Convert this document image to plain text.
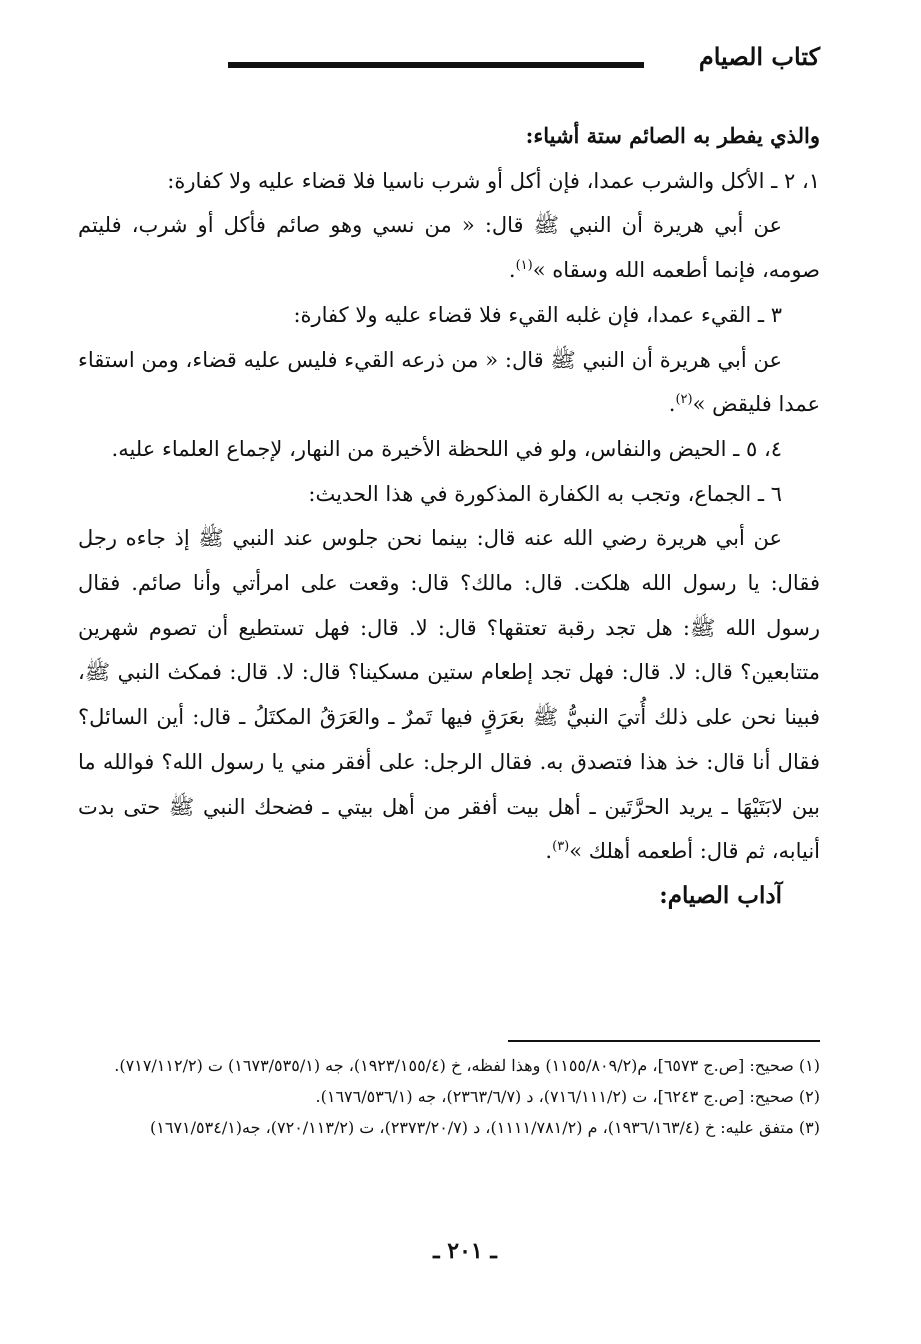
كتاب الصيام

والذي يفطر به الصائم ستة أشياء:

١، ٢ ـ الأكل والشرب عمدا، فإن أكل أو شرب ناسيا فلا قضاء عليه ولا كفارة:

عن أبي هريرة أن النبي ﷺ قال: « من نسي وهو صائم فأكل أو شرب، فليتم صومه، فإنما أطعمه الله وسقاه »$^{(١)}$.

٣ ـ القيء عمدا، فإن غلبه القيء فلا قضاء عليه ولا كفارة:

عن أبي هريرة أن النبي ﷺ قال: « من ذرعه القيء فليس عليه قضاء، ومن استقاء عمدا فليقض »$^{(٢)}$.

٤، ٥ ـ الحيض والنفاس، ولو في اللحظة الأخيرة من النهار، لإجماع العلماء عليه.

٦ ـ الجماع، وتجب به الكفارة المذكورة في هذا الحديث:

عن أبي هريرة رضي الله عنه قال: بينما نحن جلوس عند النبي ﷺ إذ جاءه رجل فقال: يا رسول الله هلكت. قال: مالك؟ قال: وقعت على امرأتي وأنا صائم. فقال رسول الله ﷺ: هل تجد رقبة تعتقها؟ قال: لا. قال: فهل تستطيع أن تصوم شهرين متتابعين؟ قال: لا. قال: فهل تجد إطعام ستين مسكينا؟ قال: لا. قال: فمكث النبي ﷺ، فبينا نحن على ذلك أُتيَ النبيُّ ﷺ بعَرَقٍ فيها تَمرٌ ـ والعَرَقُ المكتَلُ ـ قال: أين السائل؟ فقال أنا قال: خذ هذا فتصدق به. فقال الرجل: على أفقر مني يا رسول الله؟ فوالله ما بين لابَتَيْهَا ـ يريد الحرَّتَين ـ أهل بيت أفقر من أهل بيتي ـ فضحك النبي ﷺ حتى بدت أنيابه، ثم قال: أطعمه أهلك »$^{(٣)}$.

آداب الصيام:

(١) صحيح: [ص.ج ٦٥٧٣]، م(١١٥٥/٨٠٩/٢) وهذا لفظه، خ (١٩٢٣/١٥٥/٤)، جه (١٦٧٣/٥٣٥/١) ت (٧١٧/١١٢/٢).

(٢) صحيح: [ص.ج ٦٢٤٣]، ت (٧١٦/١١١/٢)، د (٢٣٦٣/٦/٧)، جه (١٦٧٦/٥٣٦/١).

(٣) متفق عليه: خ (١٩٣٦/١٦٣/٤)، م (١١١١/٧٨١/٢)، د (٢٣٧٣/٢٠/٧)، ت (٧٢٠/١١٣/٢)، جه(١٦٧١/٥٣٤/١)

ـ ٢٠١ ـ
